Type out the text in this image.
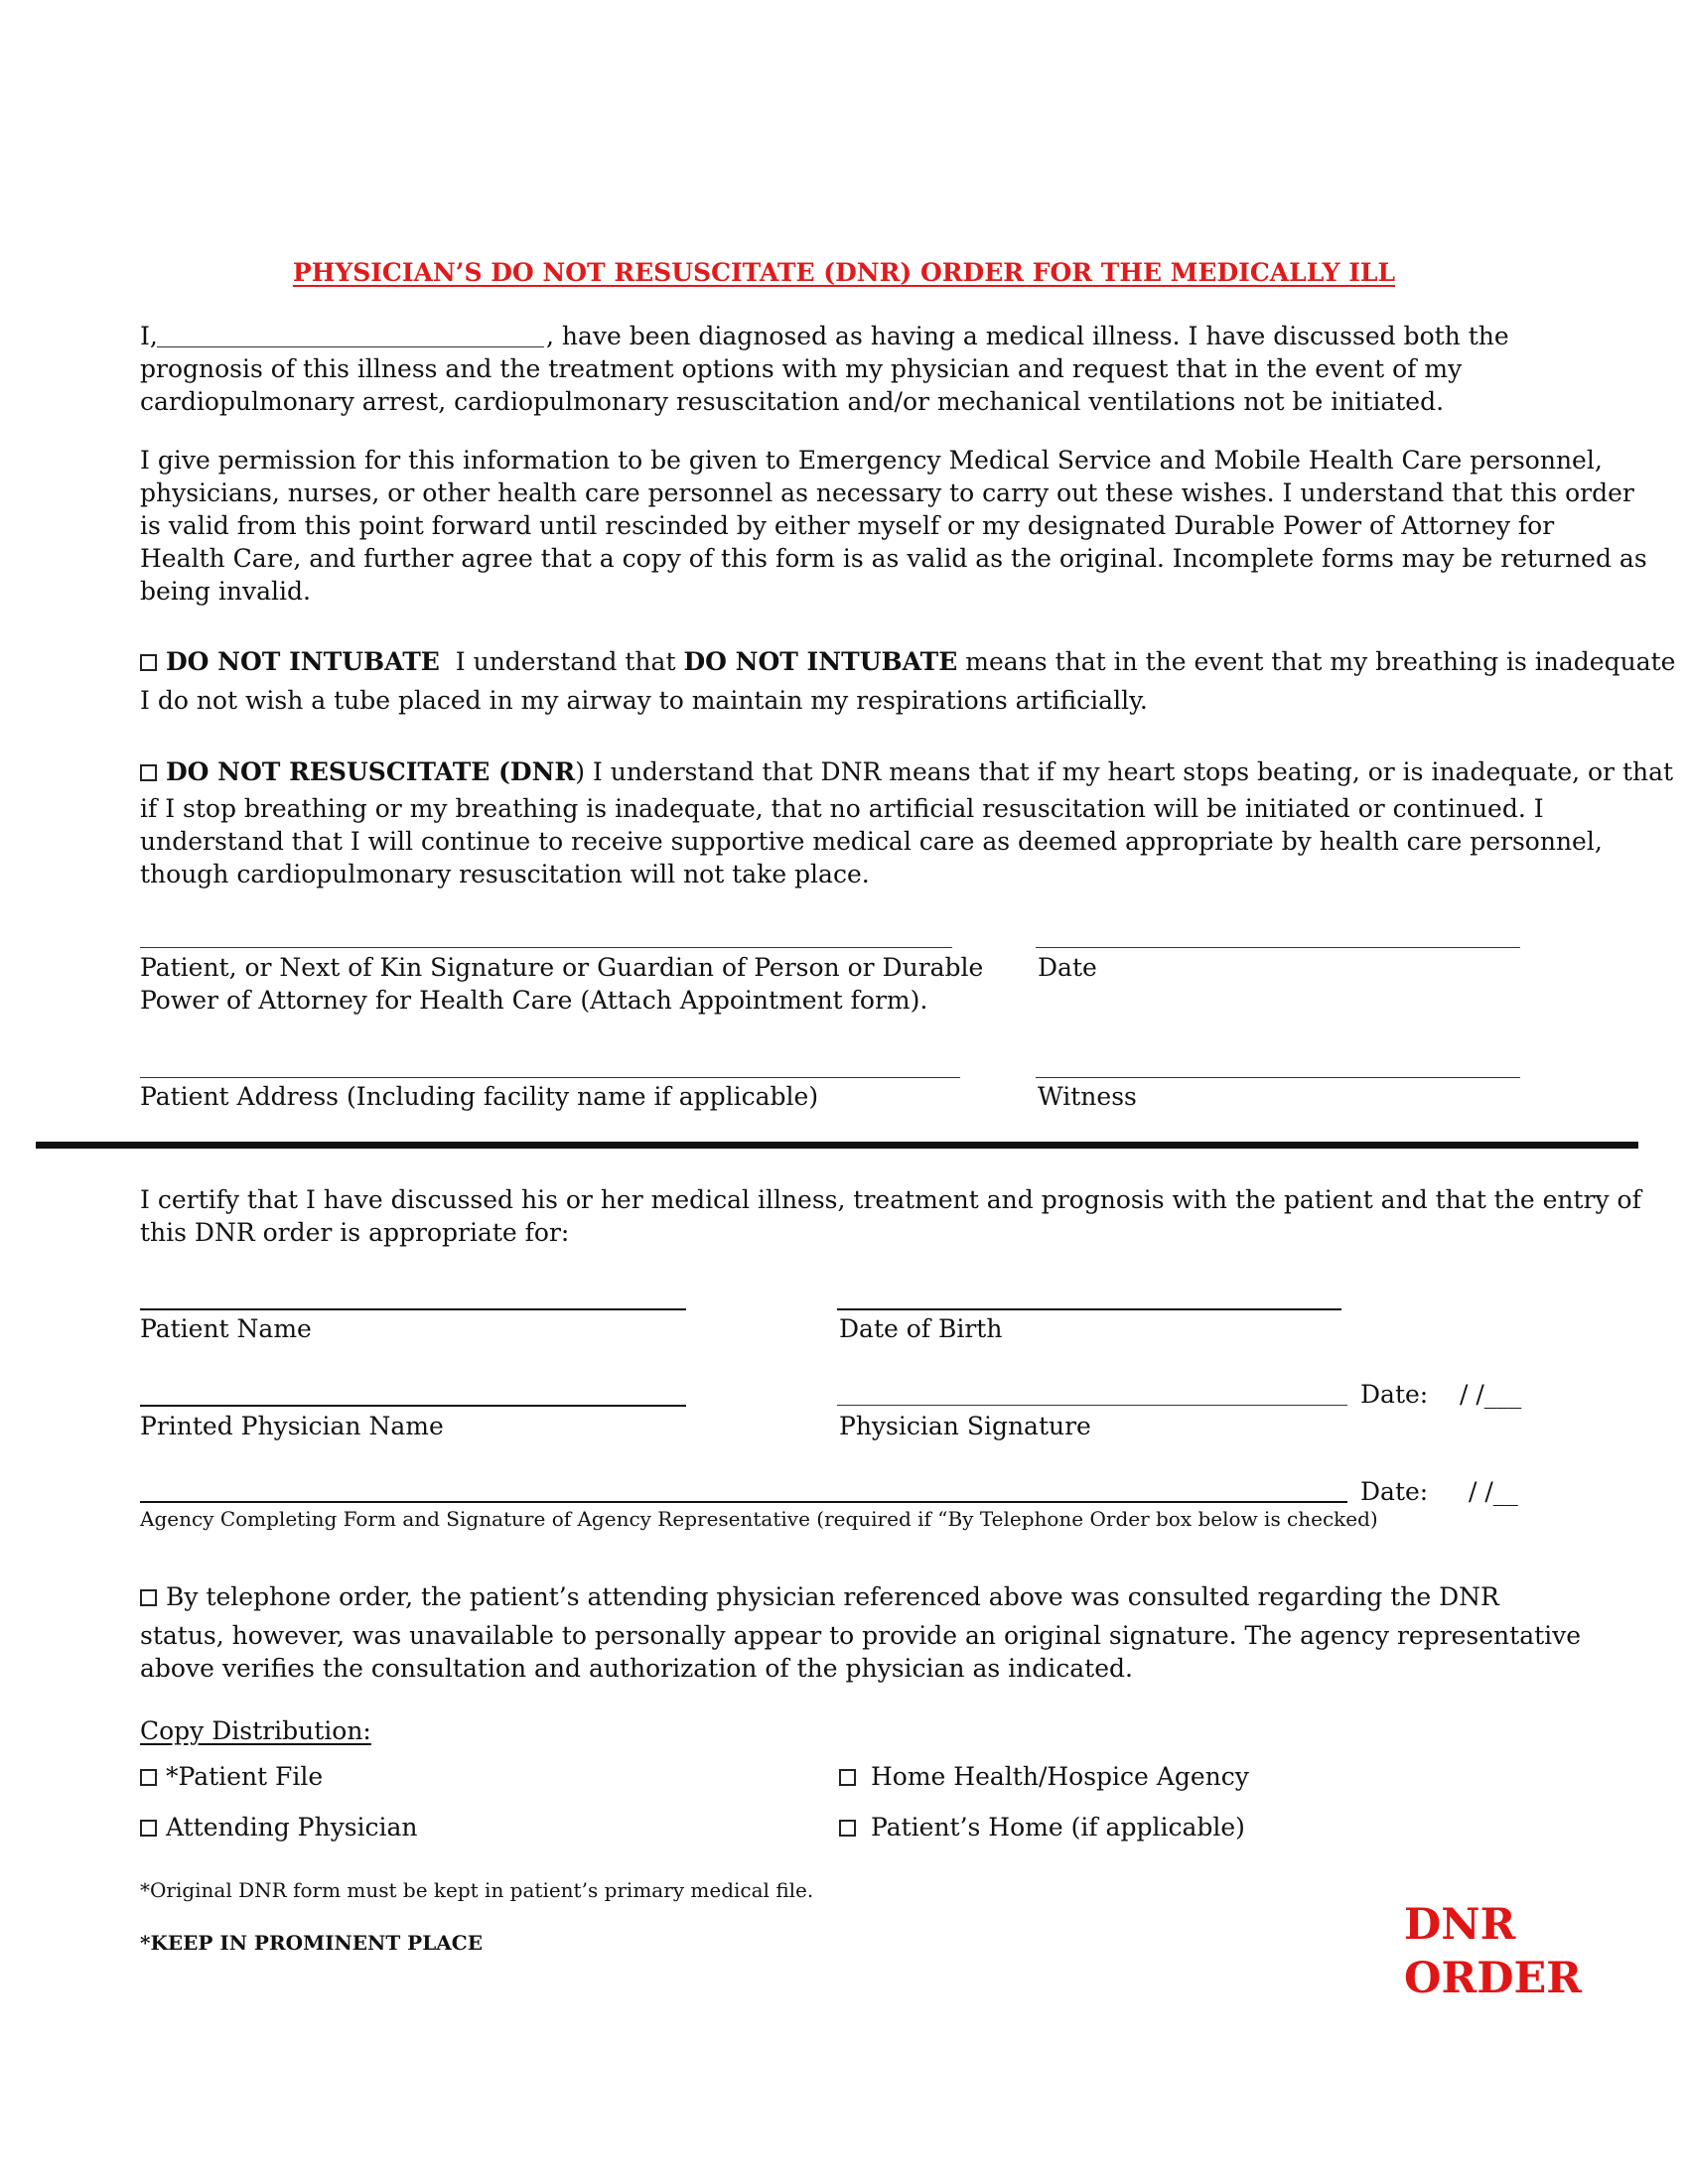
PHYSICIAN’S DO NOT RESUSCITATE (DNR) ORDER FOR THE MEDICALLY ILL
I,	, have been diagnosed as having a medical illness. I have discussed both the
prognosis of this illness and the treatment options with my physician and request that in the event of my
cardiopulmonary arrest, cardiopulmonary resuscitation and/or mechanical ventilations not be initiated.
I give permission for this information to be given to Emergency Medical Service and Mobile Health Care personnel,
physicians, nurses, or other health care personnel as necessary to carry out these wishes. I understand that this order
is valid from this point forward until rescinded by either myself or my designated Durable Power of Attorney for
Health Care, and further agree that a copy of this form is as valid as the original. Incomplete forms may be returned as
being invalid.
DO NOT INTUBATE I understand that DO NOT INTUBATE means that in the event that my breathing is inadequate
I do not wish a tube placed in my airway to maintain my respirations artificially.
DO NOT RESUSCITATE (DNR) I understand that DNR means that if my heart stops beating, or is inadequate, or that
if I stop breathing or my breathing is inadequate, that no artificial resuscitation will be initiated or continued. I
understand that I will continue to receive supportive medical care as deemed appropriate by health care personnel,
though cardiopulmonary resuscitation will not take place.
Patient, or Next of Kin Signature or Guardian of Person or Durable
Power of Attorney for Health Care (Attach Appointment form).
Date
Patient Address (Including facility name if applicable)	Witness
I certify that I have discussed his or her medical illness, treatment and prognosis with the patient and that the entry of
this DNR order is appropriate for:
Patient Name	Date of Birth
Date: / /___
Printed Physician Name	Physician Signature
Date: / /__
Agency Completing Form and Signature of Agency Representative (required if “By Telephone Order box below is checked)
By telephone order, the patient’s attending physician referenced above was consulted regarding the DNR
status, however, was unavailable to personally appear to provide an original signature. The agency representative
above verifies the consultation and authorization of the physician as indicated.
Copy Distribution:
*Patient File
Attending Physician
Home Health/Hospice Agency
Patient’s Home (if applicable)
*Original DNR form must be kept in patient’s primary medical file.
*KEEP IN PROMINENT PLACE	DNR
ORDER
